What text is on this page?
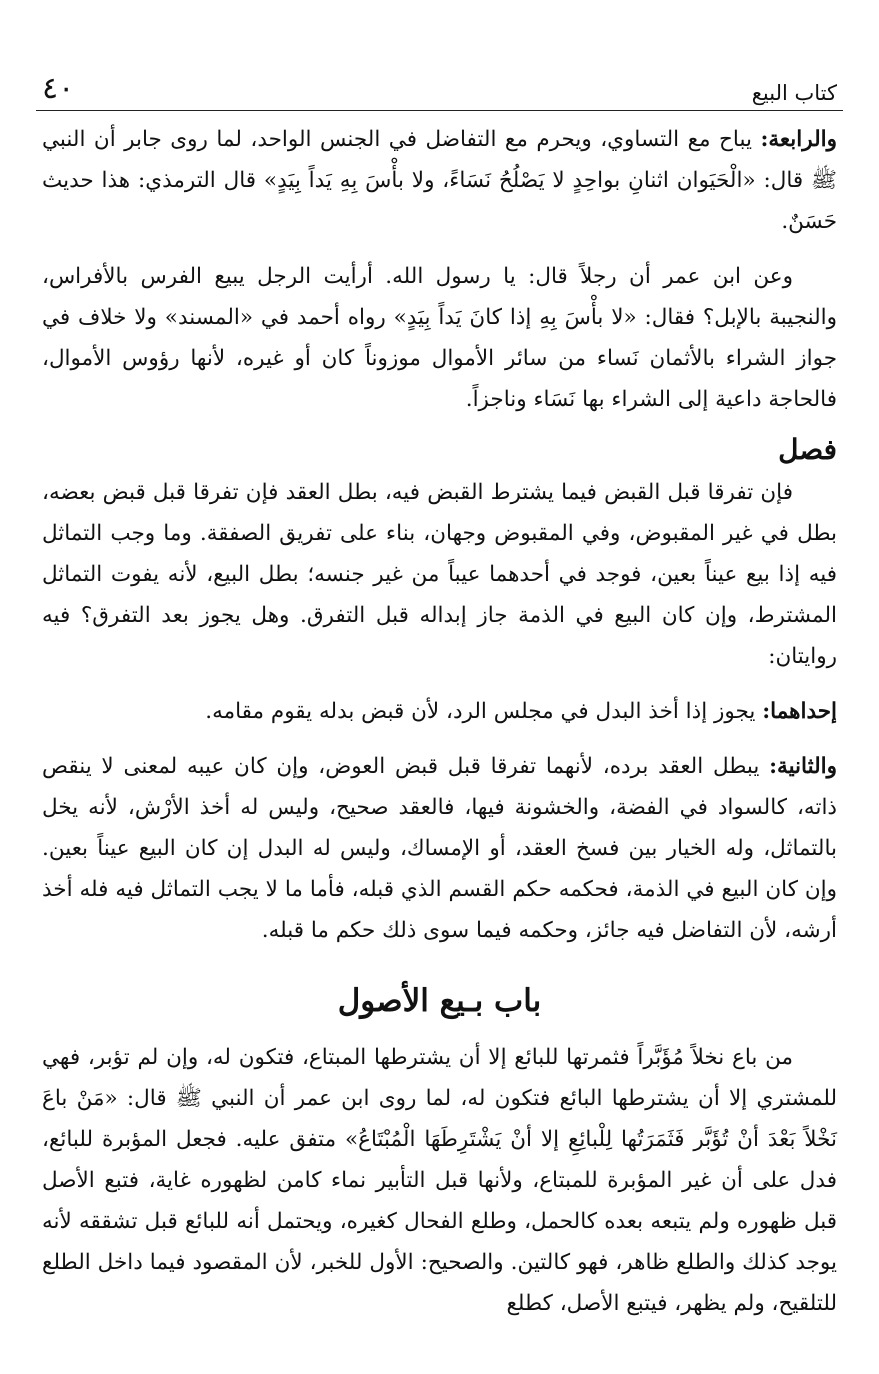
كتاب البيع
٤٠

والرابعة: يباح مع التساوي، ويحرم مع التفاضل في الجنس الواحد، لما روى جابر أن النبي ﷺ قال: «الْحَيَوان اثنانِ بواحِدٍ لا يَصْلُحُ نَسَاءً، ولا بأْسَ بِهِ يَداً بِيَدٍ» قال الترمذي: هذا حديث حَسَنٌ.

وعن ابن عمر أن رجلاً قال: يا رسول الله. أرأيت الرجل يبيع الفرس بالأفراس، والنجيبة بالإبل؟ فقال: «لا بأْسَ بِهِ إذا كانَ يَداً بِيَدٍ» رواه أحمد في «المسند» ولا خلاف في جواز الشراء بالأثمان نَساء من سائر الأموال موزوناً كان أو غيره، لأنها رؤوس الأموال، فالحاجة داعية إلى الشراء بها نَسَاء وناجزاً.

فصل

فإن تفرقا قبل القبض فيما يشترط القبض فيه، بطل العقد فإن تفرقا قبل قبض بعضه، بطل في غير المقبوض، وفي المقبوض وجهان، بناء على تفريق الصفقة. وما وجب التماثل فيه إذا بيع عيناً بعين، فوجد في أحدهما عيباً من غير جنسه؛ بطل البيع، لأنه يفوت التماثل المشترط، وإن كان البيع في الذمة جاز إبداله قبل التفرق. وهل يجوز بعد التفرق؟ فيه روايتان:

إحداهما: يجوز إذا أخذ البدل في مجلس الرد، لأن قبض بدله يقوم مقامه.

والثانية: يبطل العقد برده، لأنهما تفرقا قبل قبض العوض، وإن كان عيبه لمعنى لا ينقص ذاته، كالسواد في الفضة، والخشونة فيها، فالعقد صحيح، وليس له أخذ الأرْش، لأنه يخل بالتماثل، وله الخيار بين فسخ العقد، أو الإمساك، وليس له البدل إن كان البيع عيناً بعين. وإن كان البيع في الذمة، فحكمه حكم القسم الذي قبله، فأما ما لا يجب التماثل فيه فله أخذ أرشه، لأن التفاضل فيه جائز، وحكمه فيما سوى ذلك حكم ما قبله.

باب بـيع الأصول

من باع نخلاً مُؤَبَّراً فثمرتها للبائع إلا أن يشترطها المبتاع، فتكون له، وإن لم تؤبر، فهي للمشتري إلا أن يشترطها البائع فتكون له، لما روى ابن عمر أن النبي ﷺ قال: «مَنْ باعَ نَخْلاً بَعْدَ أنْ تُؤَبَّر فَثَمَرَتُها لِلْبائِعِ إلا أنْ يَشْتَرِطَهَا الْمُبْتَاعُ» متفق عليه. فجعل المؤبرة للبائع، فدل على أن غير المؤبرة للمبتاع، ولأنها قبل التأبير نماء كامن لظهوره غاية، فتبع الأصل قبل ظهوره ولم يتبعه بعده كالحمل، وطلع الفحال كغيره، ويحتمل أنه للبائع قبل تشققه لأنه يوجد كذلك والطلع ظاهر، فهو كالتين. والصحيح: الأول للخبر، لأن المقصود فيما داخل الطلع للتلقيح، ولم يظهر، فيتبع الأصل، كطلع
